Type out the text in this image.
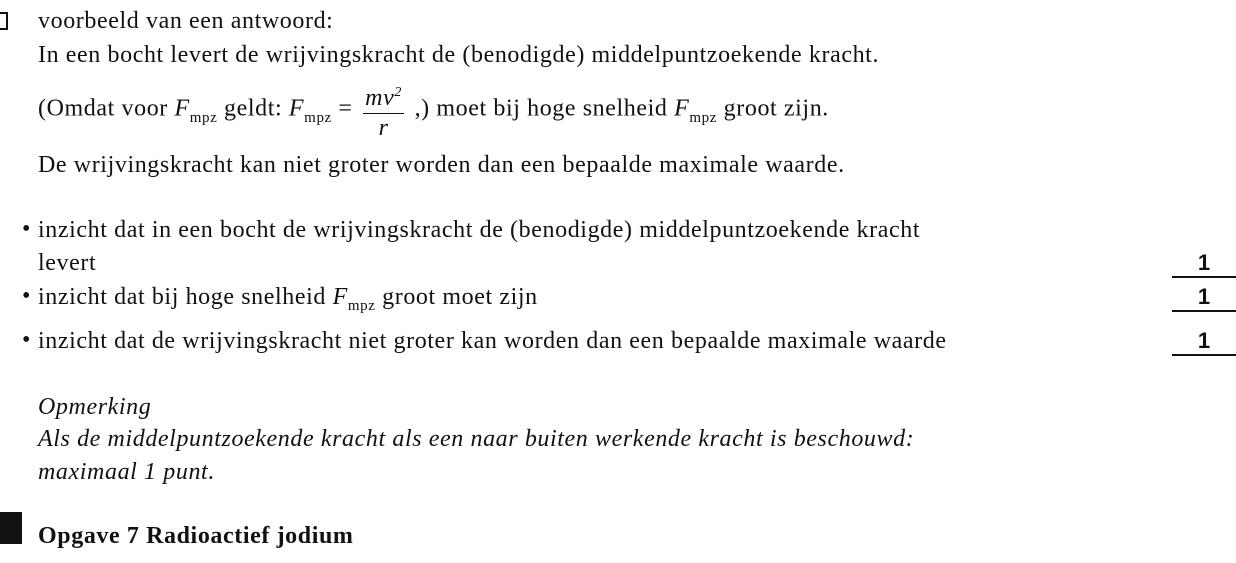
voorbeeld van een antwoord:
In een bocht levert de wrijvingskracht de (benodigde) middelpuntzoekende kracht.
(Omdat voor $F_{mpz}$ geldt: $F_{mpz} = \frac{mv^2}{r}$ ,) moet bij hoge snelheid $F_{mpz}$ groot zijn.
De wrijvingskracht kan niet groter worden dan een bepaalde maximale waarde.
• inzicht dat in een bocht de wrijvingskracht de (benodigde) middelpuntzoekende kracht
levert	1
• inzicht dat bij hoge snelheid $F_{mpz}$ groot moet zijn	1
• inzicht dat de wrijvingskracht niet groter kan worden dan een bepaalde maximale waarde	1
Opmerking
Als de middelpuntzoekende kracht als een naar buiten werkende kracht is beschouwd:
maximaal 1 punt.
Opgave 7 Radioactief jodium
